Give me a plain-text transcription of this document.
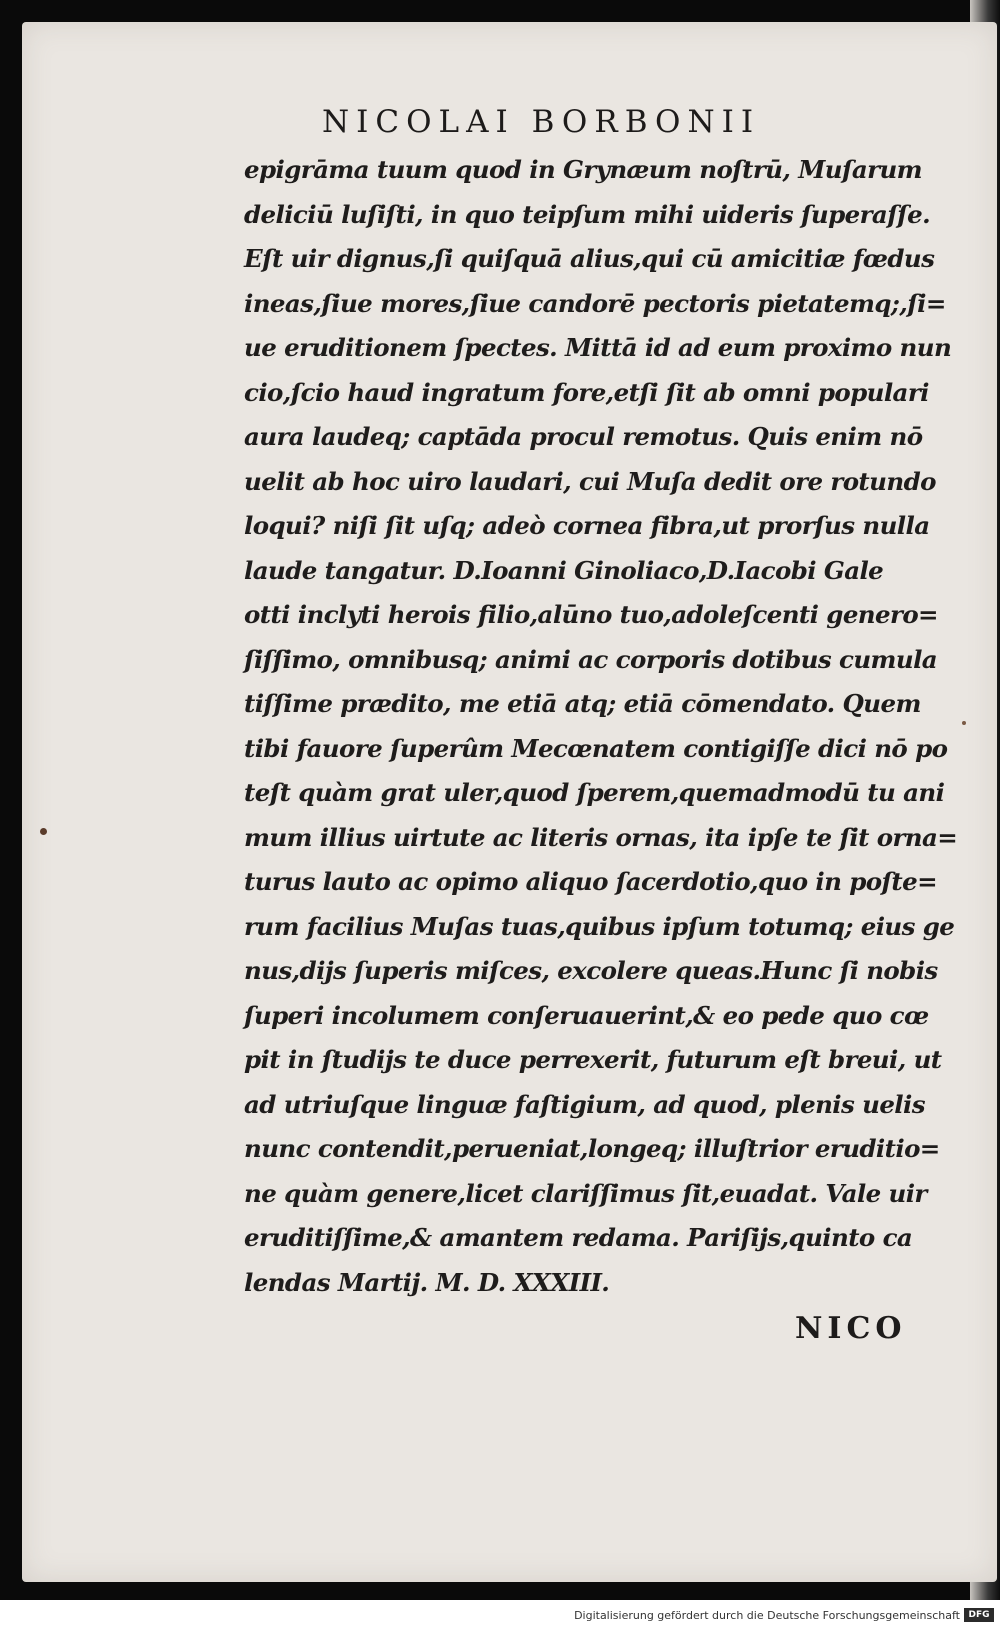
NICOLAI BORBONII
epigrāma tuum quod in Grynæum noſtrū, Muſarum
deliciū luſiſti, in quo teipſum mihi uideris ſuperaſſe.
Eſt uir dignus,ſi quiſquā alius,qui cū amicitiæ fœdus
ineas,ſiue mores,ſiue candorē pectoris pietatemq;,ſi=
ue eruditionem ſpectes. Mittā id ad eum proximo nun
cio,ſcio haud ingratum fore,etſi ſit ab omni populari
aura laudeq; captāda procul remotus. Quis enim nō
uelit ab hoc uiro laudari, cui Muſa dedit ore rotundo
loqui? niſi ſit uſq; adeò cornea fibra,ut prorſus nulla
laude tangatur. D.Ioanni Ginoliaco,D.Iacobi Gale
otti inclyti herois filio,alūno tuo,adoleſcenti genero=
ſiſſimo, omnibusq; animi ac corporis dotibus cumula
tiſſime prædito, me etiā atq; etiā cōmendato. Quem
tibi fauore ſuperûm Mecœnatem contigiſſe dici nō po
teſt quàm grat uler,quod ſperem,quemadmodū tu ani
mum illius uirtute ac literis ornas, ita ipſe te ſit orna=
turus lauto ac opimo aliquo ſacerdotio,quo in poſte=
rum facilius Muſas tuas,quibus ipſum totumq; eius ge
nus,dijs ſuperis miſces, excolere queas.Hunc ſi nobis
ſuperi incolumem conſeruauerint,& eo pede quo cœ
pit in ſtudijs te duce perrexerit, futurum eſt breui, ut
ad utriuſque linguæ faſtigium, ad quod, plenis uelis
nunc contendit,perueniat,longeq; illuſtrior eruditio=
ne quàm genere,licet clariſſimus ſit,euadat. Vale uir
eruditiſſime,& amantem redama. Pariſijs,quinto ca
lendas Martij. M. D. XXXIII.
NICO
Digitalisierung gefördert durch die Deutsche Forschungsgemeinschaft DFG
